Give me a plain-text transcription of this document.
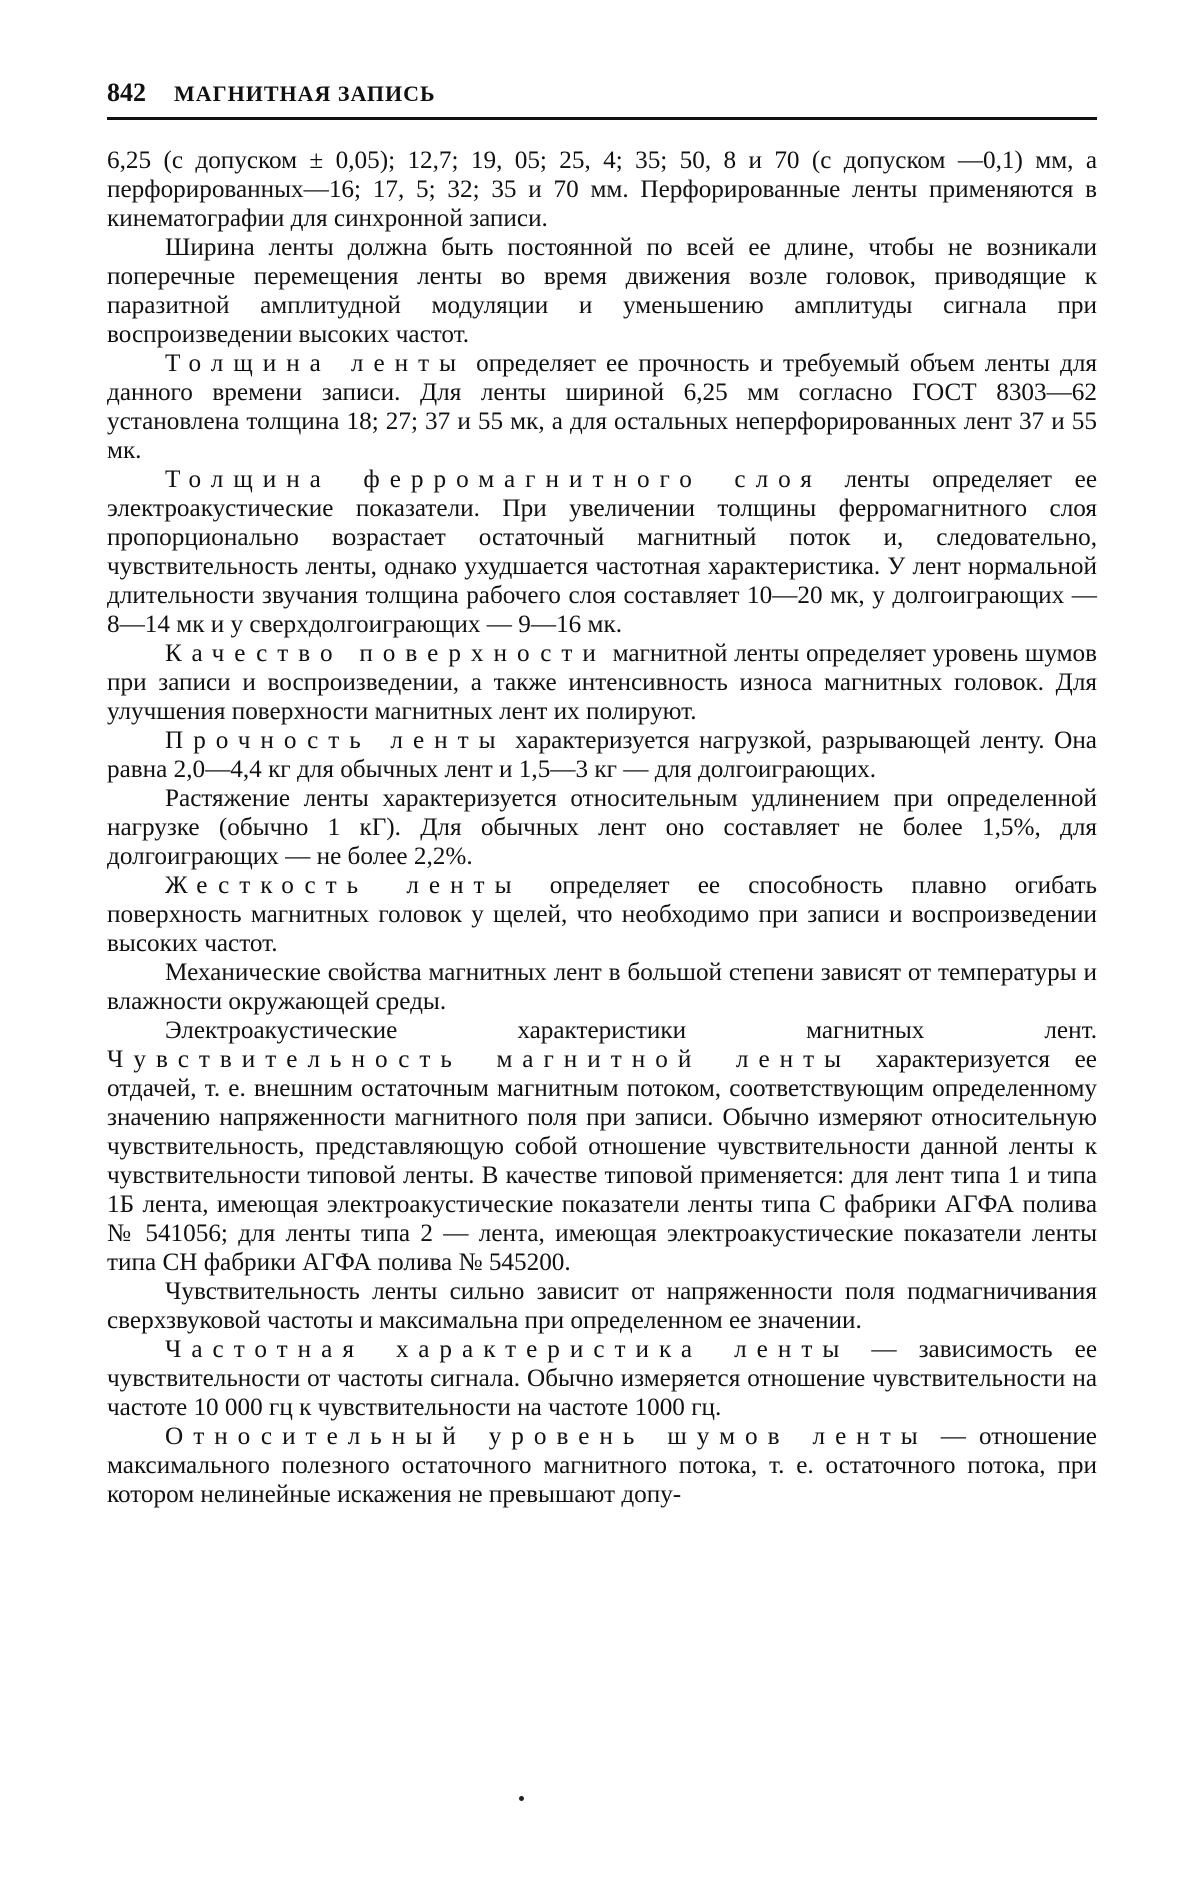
842 МАГНИТНАЯ ЗАПИСЬ

6,25 (с допуском ± 0,05); 12,7; 19, 05; 25, 4; 35; 50, 8 и 70 (с допуском —0,1) мм, а перфорированных—16; 17, 5; 32; 35 и 70 мм. Перфорированные ленты применяются в кинематографии для синхронной записи.

Ширина ленты должна быть постоянной по всей ее длине, чтобы не возникали поперечные перемещения ленты во время движения возле головок, приводящие к паразитной амплитудной модуляции и уменьшению амплитуды сигнала при воспроизведении высоких частот.

Толщина ленты определяет ее прочность и требуемый объем ленты для данного времени записи. Для ленты шириной 6,25 мм согласно ГОСТ 8303—62 установлена толщина 18; 27; 37 и 55 мк, а для остальных неперфорированных лент 37 и 55 мк.

Толщина ферромагнитного слоя ленты определяет ее электроакустические показатели. При увеличении толщины ферромагнитного слоя пропорционально возрастает остаточный магнитный поток и, следовательно, чувствительность ленты, однако ухудшается частотная характеристика. У лент нормальной длительности звучания толщина рабочего слоя составляет 10—20 мк, у долгоиграющих — 8—14 мк и у сверхдолгоиграющих — 9—16 мк.

Качество поверхности магнитной ленты определяет уровень шумов при записи и воспроизведении, а также интенсивность износа магнитных головок. Для улучшения поверхности магнитных лент их полируют.

Прочность ленты характеризуется нагрузкой, разрывающей ленту. Она равна 2,0—4,4 кг для обычных лент и 1,5—3 кг — для долгоиграющих.

Растяжение ленты характеризуется относительным удлинением при определенной нагрузке (обычно 1 кГ). Для обычных лент оно составляет не более 1,5%, для долгоиграющих — не более 2,2%.

Жесткость ленты определяет ее способность плавно огибать поверхность магнитных головок у щелей, что необходимо при записи и воспроизведении высоких частот.

Механические свойства магнитных лент в большой степени зависят от температуры и влажности окружающей среды.

Электроакустические характеристики магнитных лент. Чувствительность магнитной ленты характеризуется ее отдачей, т. е. внешним остаточным магнитным потоком, соответствующим определенному значению напряженности магнитного поля при записи. Обычно измеряют относительную чувствительность, представляющую собой отношение чувствительности данной ленты к чувствительности типовой ленты. В качестве типовой применяется: для лент типа 1 и типа 1Б лента, имеющая электроакустические показатели ленты типа С фабрики АГФА полива № 541056; для ленты типа 2 — лента, имеющая электроакустические показатели ленты типа CH фабрики АГФА полива № 545200.

Чувствительность ленты сильно зависит от напряженности поля подмагничивания сверхзвуковой частоты и максимальна при определенном ее значении.

Частотная характеристика ленты — зависимость ее чувствительности от частоты сигнала. Обычно измеряется отношение чувствительности на частоте 10 000 гц к чувствительности на частоте 1000 гц.

Относительный уровень шумов ленты — отношение максимального полезного остаточного магнитного потока, т. е. остаточного потока, при котором нелинейные искажения не превышают допу-
